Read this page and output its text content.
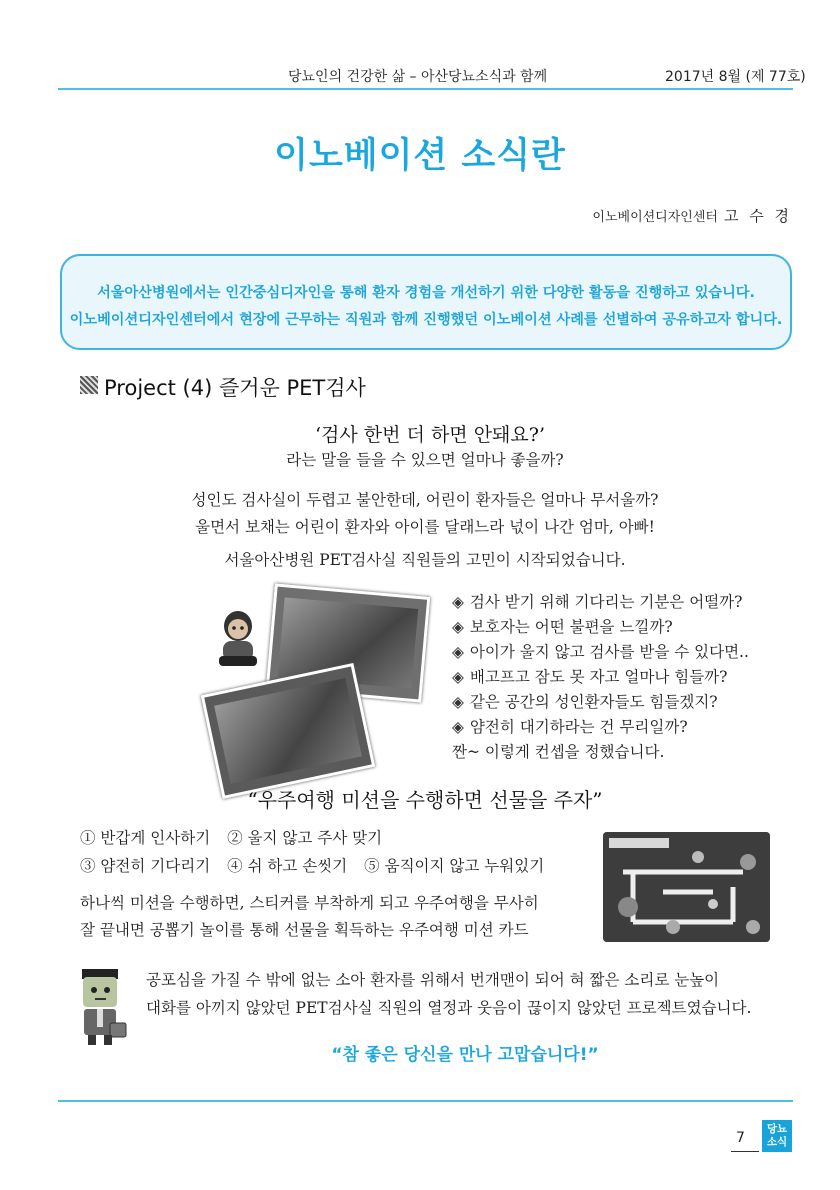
당뇨인의 건강한 삶 – 아산당뇨소식과 함께	2017년 8월 (제 77호)
이노베이션 소식란
이노베이션디자인센터 고 수 경
서울아산병원에서는 인간중심디자인을 통해 환자 경험을 개선하기 위한 다양한 활동을 진행하고 있습니다.
이노베이션디자인센터에서 현장에 근무하는 직원과 함께 진행했던 이노베이션 사례를 선별하여 공유하고자 합니다.
Project (4) 즐거운 PET검사
‘검사 한번 더 하면 안돼요?’
라는 말을 들을 수 있으면 얼마나 좋을까?
성인도 검사실이 두렵고 불안한데, 어린이 환자들은 얼마나 무서울까?
울면서 보채는 어린이 환자와 아이를 달래느라 넋이 나간 엄마, 아빠!
서울아산병원 PET검사실 직원들의 고민이 시작되었습니다.
◈ 검사 받기 위해 기다리는 기분은 어떨까?
◈ 보호자는 어떤 불편을 느낄까?
◈ 아이가 울지 않고 검사를 받을 수 있다면..
◈ 배고프고 잠도 못 자고 얼마나 힘들까?
◈ 같은 공간의 성인환자들도 힘들겠지?
◈ 얌전히 대기하라는 건 무리일까?
짠~ 이렇게 컨셉을 정했습니다.
“우주여행 미션을 수행하면 선물을 주자”
① 반갑게 인사하기 ② 울지 않고 주사 맞기
③ 얌전히 기다리기 ④ 쉬 하고 손씻기 ⑤ 움직이지 않고 누워있기
하나씩 미션을 수행하면, 스티커를 부착하게 되고 우주여행을 무사히
잘 끝내면 공뽑기 놀이를 통해 선물을 획득하는 우주여행 미션 카드
공포심을 가질 수 밖에 없는 소아 환자를 위해서 번개맨이 되어 혀 짧은 소리로 눈높이
대화를 아끼지 않았던 PET검사실 직원의 열정과 웃음이 끊이지 않았던 프로젝트였습니다.
“참 좋은 당신을 만나 고맙습니다!”
7
당뇨
소식
